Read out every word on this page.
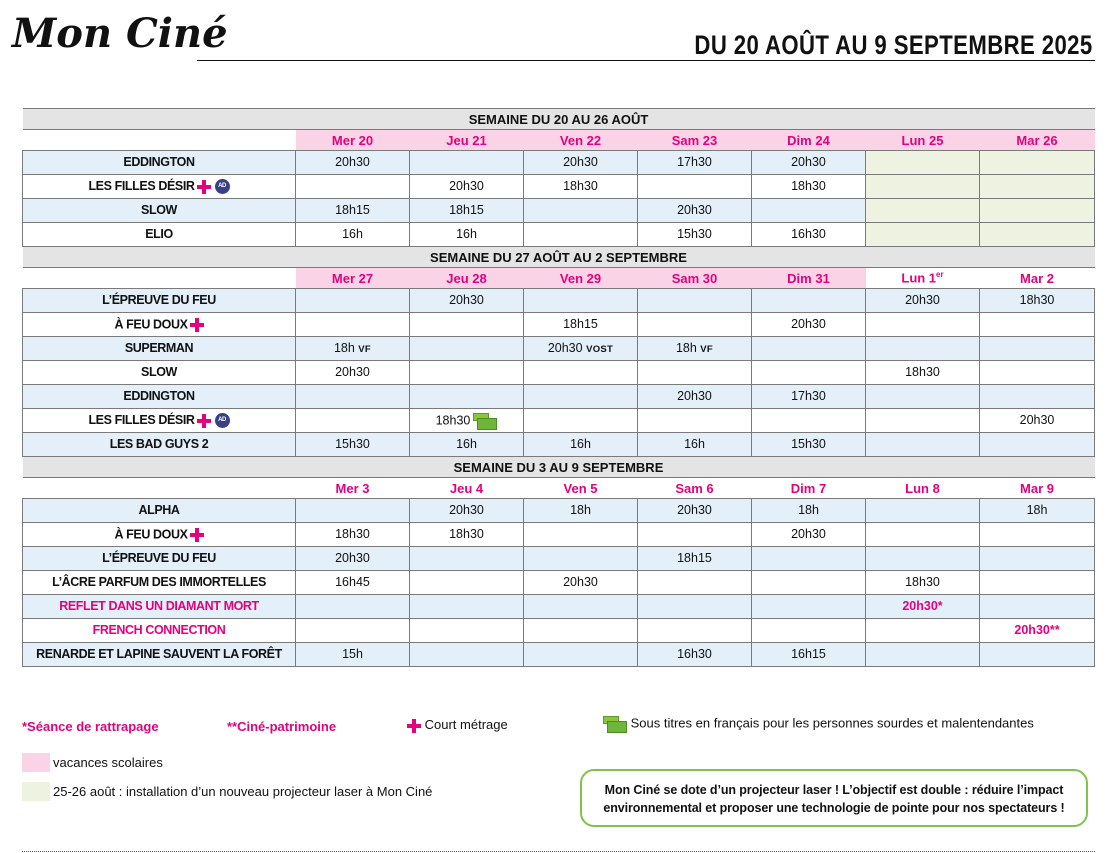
Mon Ciné	DU 20 AOÛT AU 9 SEPTEMBRE 2025
SEMAINE DU 20 AU 26 AOÛT							
	Mer 20	Jeu 21	Ven 22	Sam 23	Dim 24	Lun 25	Mar 26
EDDINGTON	20h30		20h30	17h30	20h30		
LES FILLES DÉSIR AD		20h30	18h30		18h30		
SLOW	18h15	18h15		20h30			
ELIO	16h	16h		15h30	16h30		
SEMAINE DU 27 AOÛT AU 2 SEPTEMBRE							
	Mer 27	Jeu 28	Ven 29	Sam 30	Dim 31	Lun 1er	Mar 2
L’ÉPREUVE DU FEU		20h30				20h30	18h30
À FEU DOUX			18h15		20h30		
SUPERMAN	18h VF		20h30 VOST	18h VF			
SLOW	20h30					18h30	
EDDINGTON				20h30	17h30		
LES FILLES DÉSIR AD		18h30					20h30
LES BAD GUYS 2	15h30	16h	16h	16h	15h30		
SEMAINE DU 3 AU 9 SEPTEMBRE							
	Mer 3	Jeu 4	Ven 5	Sam 6	Dim 7	Lun 8	Mar 9
ALPHA		20h30	18h	20h30	18h		18h
À FEU DOUX	18h30	18h30			20h30		
L’ÉPREUVE DU FEU	20h30			18h15			
L’ÂCRE PARFUM DES IMMORTELLES	16h45		20h30			18h30	
REFLET DANS UN DIAMANT MORT						20h30*	
FRENCH CONNECTION							20h30**
RENARDE ET LAPINE SAUVENT LA FORÊT	15h			16h30	16h15		
*Séance de rattrapage	**Ciné-patrimoine	Court métrage	Sous titres en français pour les personnes sourdes et malentendantes
vacances scolaires
25-26 août : installation d’un nouveau projecteur laser à Mon Ciné	Mon Ciné se dote d’un projecteur laser ! L’objectif est double : réduire l’impact
environnemental et proposer une technologie de pointe pour nos spectateurs !
